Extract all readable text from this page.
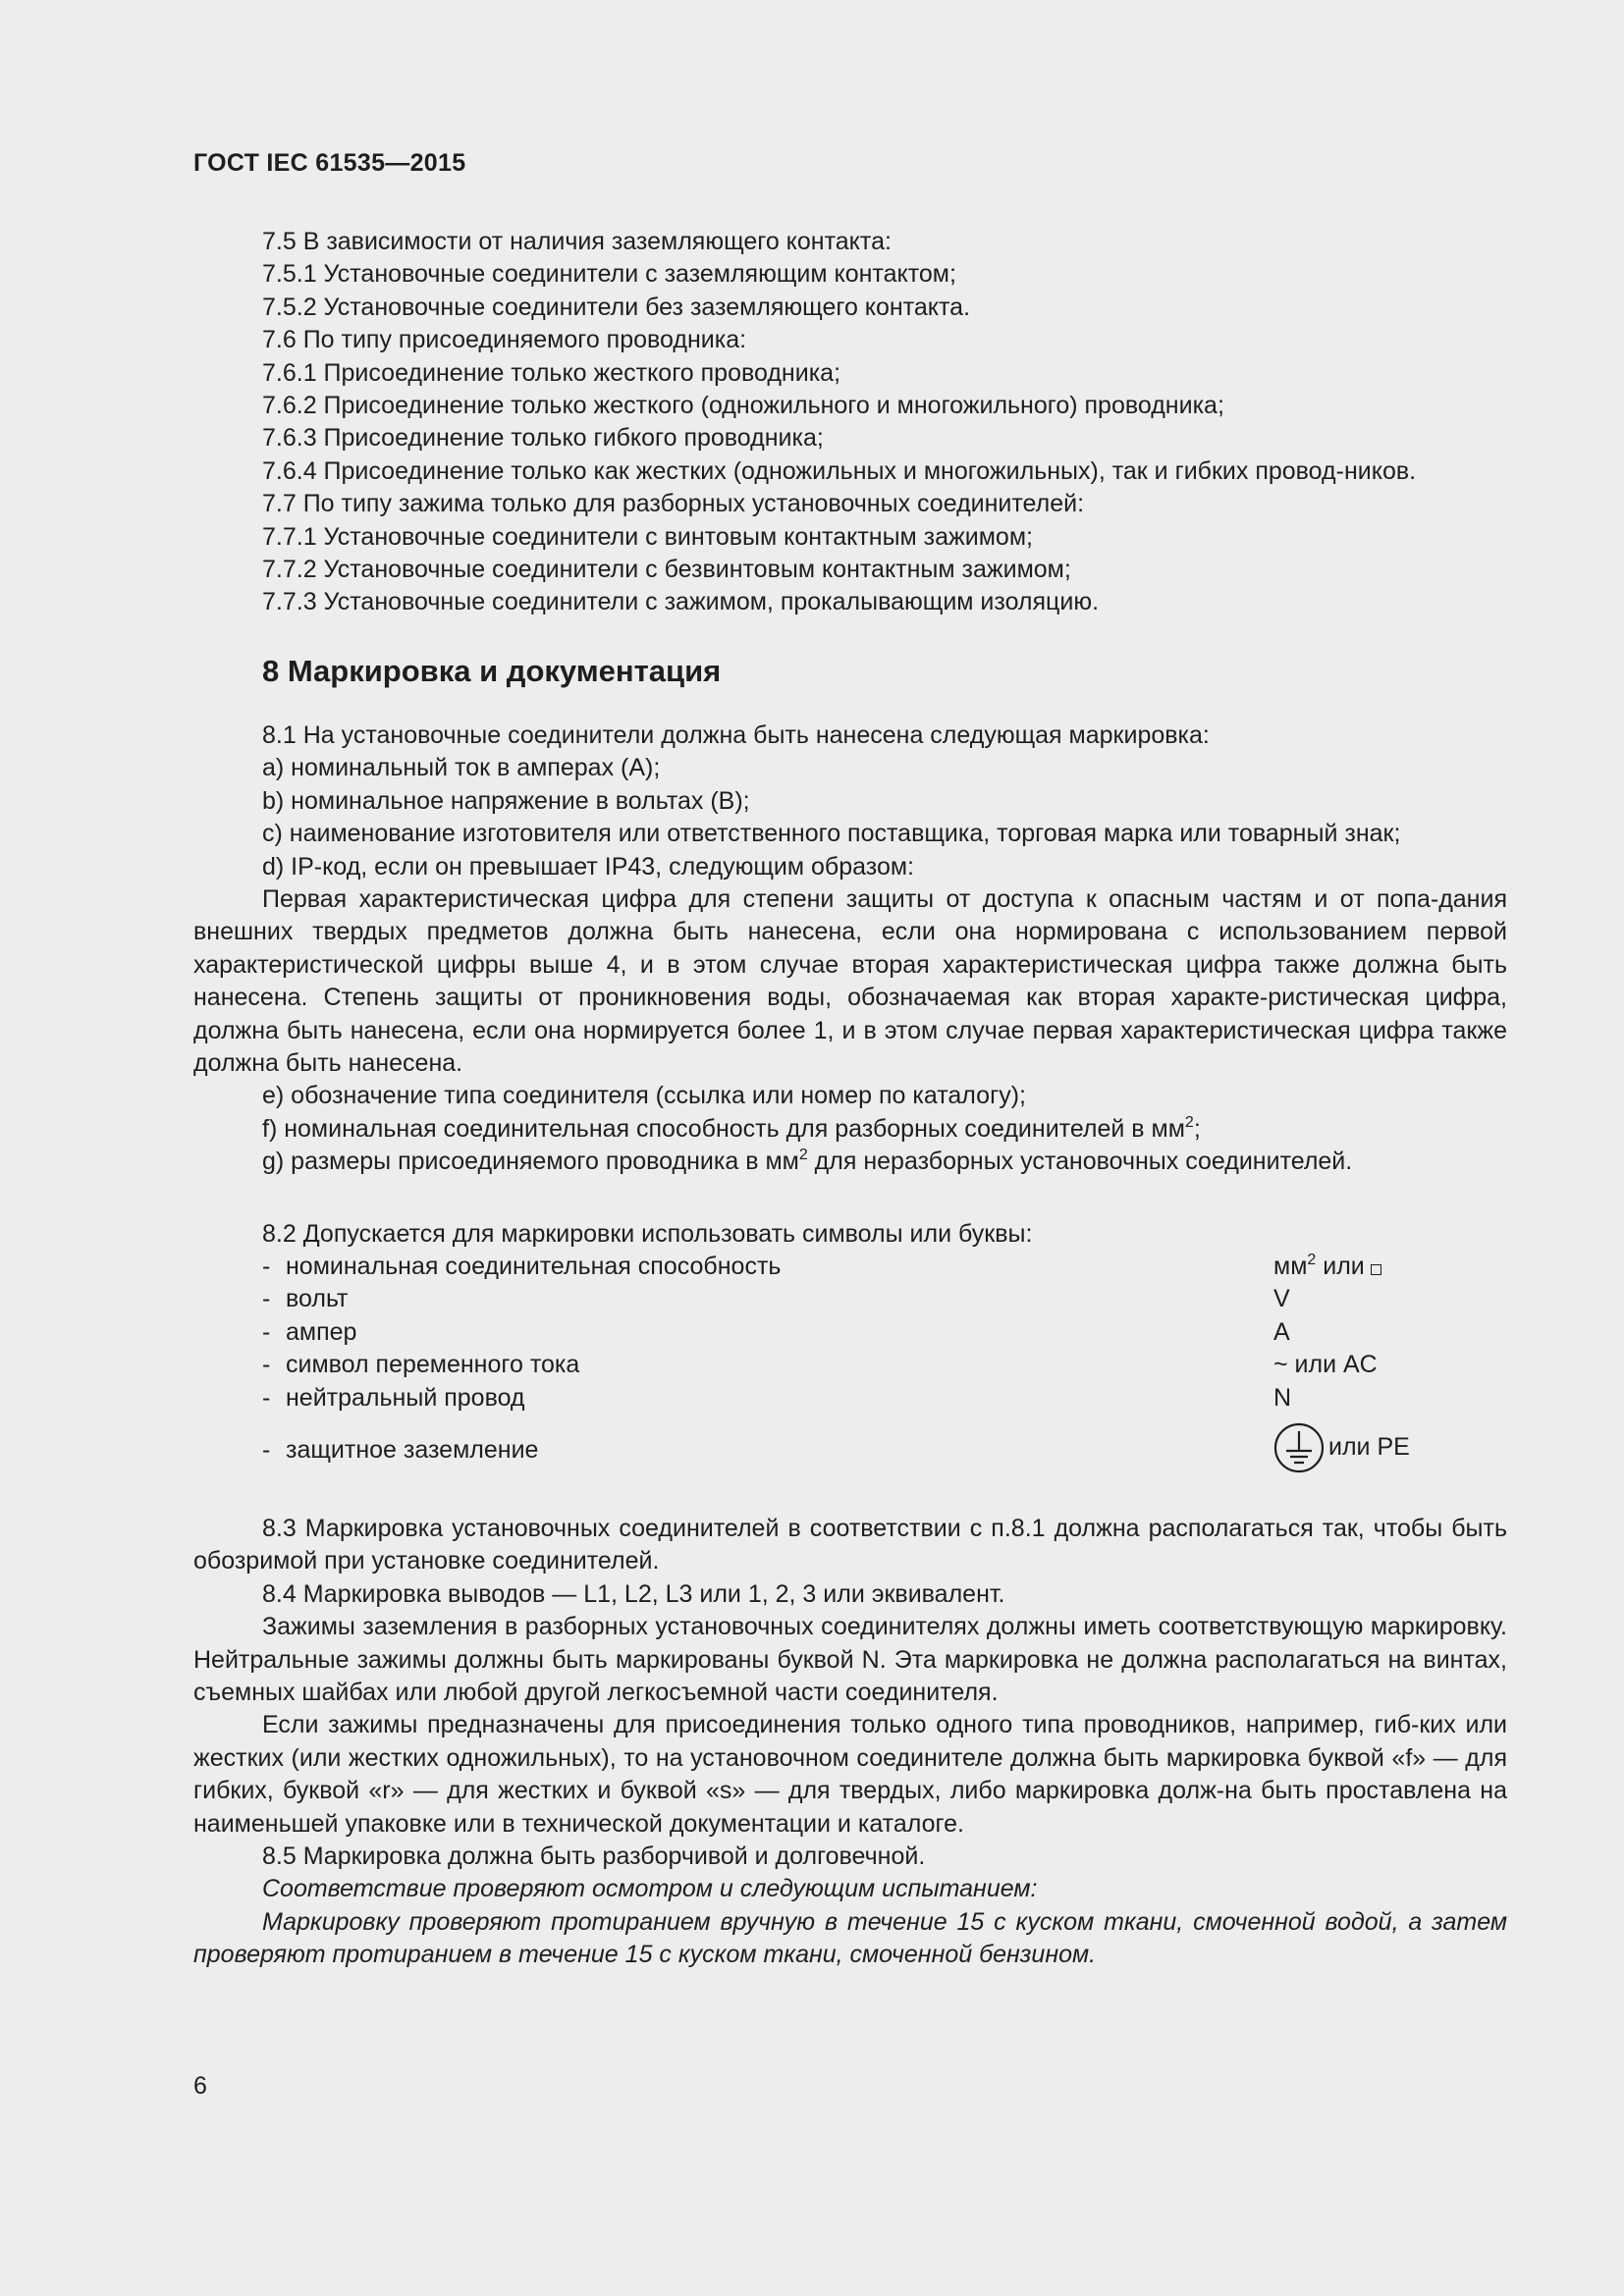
ГОСТ IEC 61535—2015

7.5 В зависимости от наличия заземляющего контакта:

7.5.1 Установочные соединители с заземляющим контактом;

7.5.2 Установочные соединители без заземляющего контакта.

7.6 По типу присоединяемого проводника:

7.6.1 Присоединение только жесткого проводника;

7.6.2 Присоединение только жесткого (одножильного и многожильного) проводника;

7.6.3 Присоединение только гибкого проводника;

7.6.4 Присоединение только как жестких (одножильных и многожильных), так и гибких провод-ников.

7.7 По типу зажима только для разборных установочных соединителей:

7.7.1 Установочные соединители с винтовым контактным зажимом;

7.7.2 Установочные соединители с безвинтовым контактным зажимом;

7.7.3 Установочные соединители с зажимом, прокалывающим изоляцию.

8 Маркировка и документация

8.1 На установочные соединители должна быть нанесена следующая маркировка:

a) номинальный ток в амперах (A);

b) номинальное напряжение в вольтах (В);

c) наименование изготовителя или ответственного поставщика, торговая марка или товарный знак;

d) IP-код, если он превышает IP43, следующим образом:

Первая характеристическая цифра для степени защиты от доступа к опасным частям и от попа-дания внешних твердых предметов должна быть нанесена, если она нормирована с использованием первой характеристической цифры выше 4, и в этом случае вторая характеристическая цифра также должна быть нанесена. Степень защиты от проникновения воды, обозначаемая как вторая характе-ристическая цифра, должна быть нанесена, если она нормируется более 1, и в этом случае первая характеристическая цифра также должна быть нанесена.

e) обозначение типа соединителя (ссылка или номер по каталогу);

f) номинальная соединительная способность для разборных соединителей в $мм^2$;

g) размеры присоединяемого проводника в $мм^2$ для неразборных установочных соединителей.

8.2 Допускается для маркировки использовать символы или буквы:

- номинальная соединительная способность	$мм^2$ или
- вольт	V
- ампер	A
- символ переменного тока	~ или AC
- нейтральный провод	N
- защитное заземление	или PE

8.3 Маркировка установочных соединителей в соответствии с п.8.1 должна располагаться так, чтобы быть обозримой при установке соединителей.

8.4 Маркировка выводов — L1, L2, L3 или 1, 2, 3 или эквивалент.

Зажимы заземления в разборных установочных соединителях должны иметь соответствующую маркировку. Нейтральные зажимы должны быть маркированы буквой N. Эта маркировка не должна располагаться на винтах, съемных шайбах или любой другой легкосъемной части соединителя.

Если зажимы предназначены для присоединения только одного типа проводников, например, гиб-ких или жестких (или жестких одножильных), то на установочном соединителе должна быть маркировка буквой «f» — для гибких, буквой «r» — для жестких и буквой «s» — для твердых, либо маркировка долж-на быть проставлена на наименьшей упаковке или в технической документации и каталоге.

8.5 Маркировка должна быть разборчивой и долговечной.

Соответствие проверяют осмотром и следующим испытанием:

Маркировку проверяют протиранием вручную в течение 15 с куском ткани, смоченной водой, а затем проверяют протиранием в течение 15 с куском ткани, смоченной бензином.

6
